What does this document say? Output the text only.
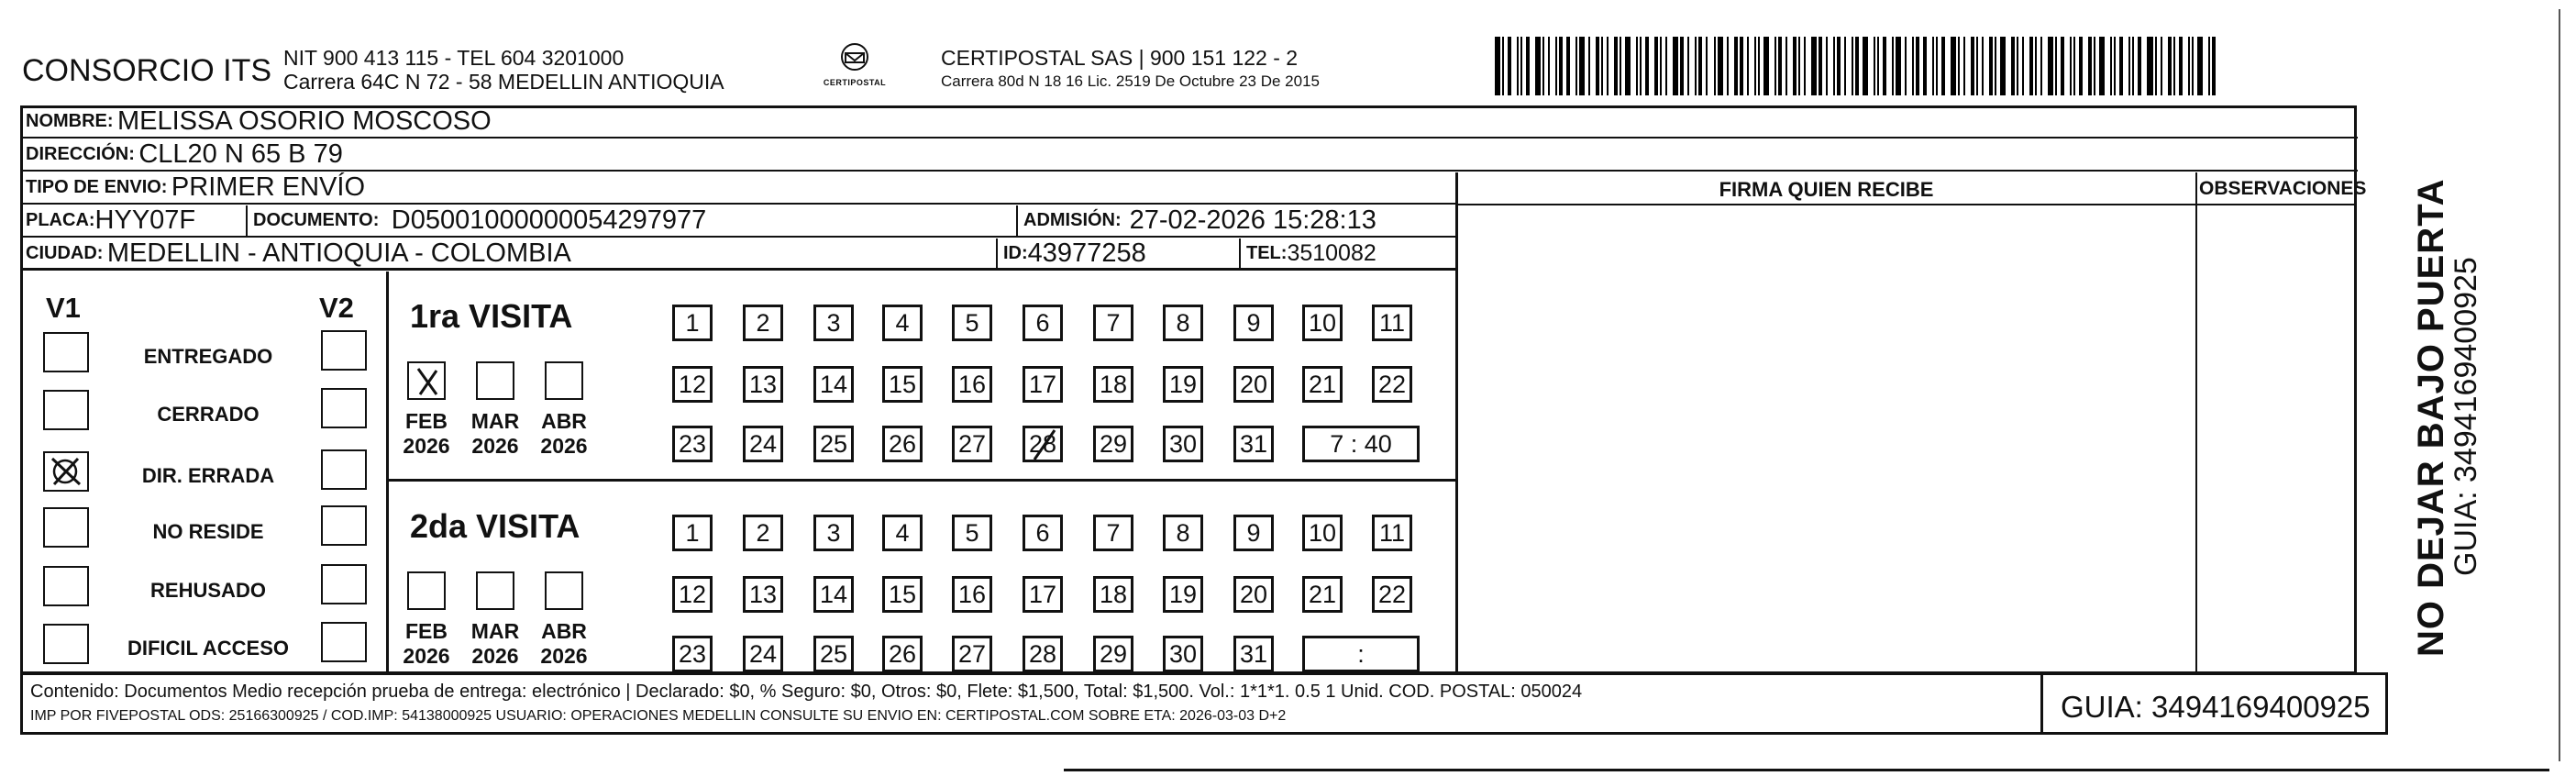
CONSORCIO ITS NIT 900 413 115 - TEL 604 3201000
Carrera 64C N 72 - 58 MEDELLIN ANTIOQUIA	CERTIPOSTAL
CERTIPOSTAL SAS | 900 151 122 - 2
Carrera 80d N 18 16 Lic. 2519 De Octubre 23 De 2015
NOMBRE:
MELISSA OSORIO MOSCOSO
DIRECCIÓN:
CLL20 N 65 B 79
TIPO DE ENVIO:
PRIMER ENVÍO
PLACA: HYY07F	DOCUMENTO:
D05001000000054297977	ADMISIÓN:
27-02-2026 15:28:13
CIUDAD:
MEDELLIN - ANTIOQUIA - COLOMBIA	ID: 43977258	TEL: 3510082
FIRMA QUIEN RECIBE	OBSERVACIONES
V1	V2
ENTREGADO
CERRADO
DIR. ERRADA
NO RESIDE
REHUSADO
DIFICIL ACCESO
1ra VISITA
FEB
2026
MAR
2026
ABR
2026
1	2	3	4	5	6	7	8	9	10 11
12 13 14 15 16 17 18 19 20 21 22
23 24 25 26 27 28 29 30 31	7 : 40
2da VISITA
FEB
2026
MAR
2026
ABR
2026
1	2	3	4	5	6	7	8	9	10 11
12 13 14 15 16 17 18 19 20 21 22
23 24 25 26 27 28 29 30 31	:	NO DEJAR BAJO PUERTA
GUIA: 3494169400925
Contenido: Documentos Medio recepción prueba de entrega: electrónico | Declarado: $0, % Seguro: $0, Otros: $0, Flete: $1,500, Total: $1,500. Vol.: 1*1*1. 0.5 1 Unid. COD. POSTAL: 050024
IMP POR FIVEPOSTAL ODS: 25166300925 / COD.IMP: 54138000925 USUARIO: OPERACIONES MEDELLIN CONSULTE SU ENVIO EN: CERTIPOSTAL.COM SOBRE ETA: 2026-03-03 D+2	GUIA: 3494169400925
